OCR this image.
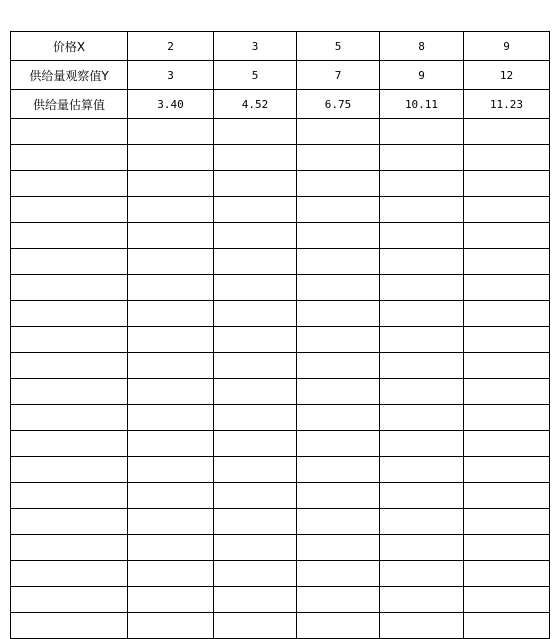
价格X	2	3	5	8	9
供给量观察值Y	3	5	7	9	12
供给量估算值	3.40	4.52	6.75	10.11	11.23
